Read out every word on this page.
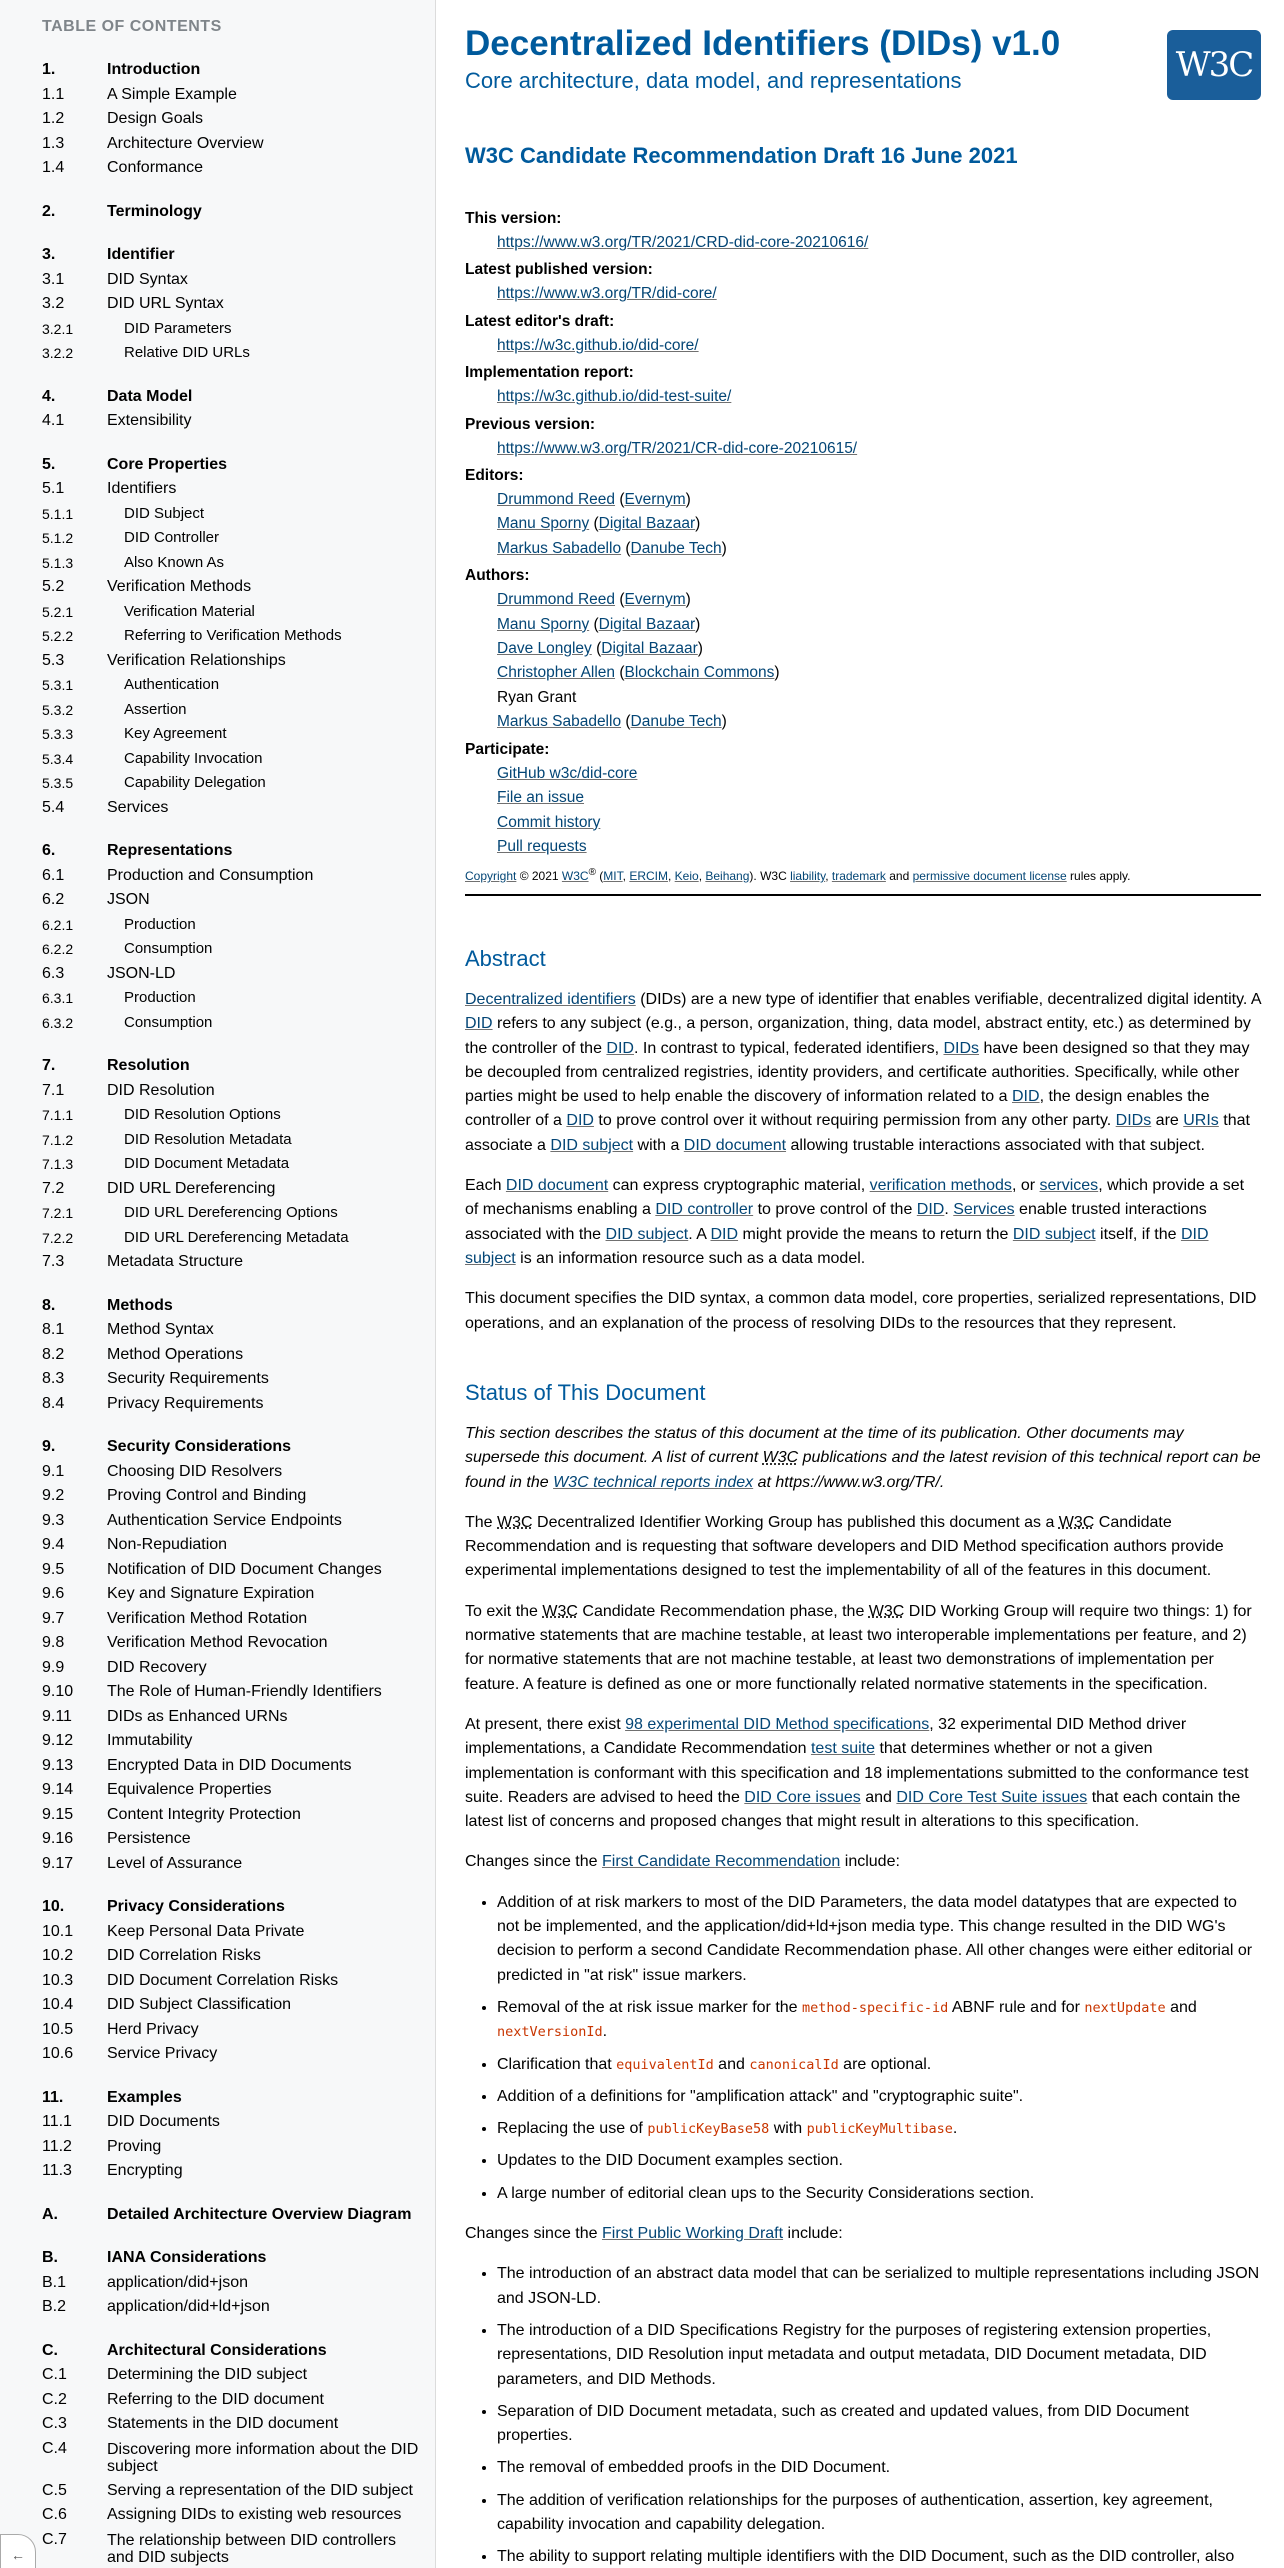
TABLE OF CONTENTS
1.	Introduction
1.1	A Simple Example
1.2	Design Goals
1.3	Architecture Overview
1.4	Conformance
2.	Terminology
3.	Identifier
3.1	DID Syntax
3.2	DID URL Syntax
3.2.1	DID Parameters
3.2.2	Relative DID URLs
4.	Data Model
4.1	Extensibility
5.	Core Properties
5.1	Identifiers
5.1.1	DID Subject
5.1.2	DID Controller
5.1.3	Also Known As
5.2	Verification Methods
5.2.1	Verification Material
5.2.2	Referring to Verification Methods
5.3	Verification Relationships
5.3.1	Authentication
5.3.2	Assertion
5.3.3	Key Agreement
5.3.4	Capability Invocation
5.3.5	Capability Delegation
5.4	Services
6.	Representations
6.1	Production and Consumption
6.2	JSON
6.2.1	Production
6.2.2	Consumption
6.3	JSON-LD
6.3.1	Production
6.3.2	Consumption
7.	Resolution
7.1	DID Resolution
7.1.1	DID Resolution Options
7.1.2	DID Resolution Metadata
7.1.3	DID Document Metadata
7.2	DID URL Dereferencing
7.2.1	DID URL Dereferencing Options
7.2.2	DID URL Dereferencing Metadata
7.3	Metadata Structure
8.	Methods
8.1	Method Syntax
8.2	Method Operations
8.3	Security Requirements
8.4	Privacy Requirements
9.	Security Considerations
9.1	Choosing DID Resolvers
9.2	Proving Control and Binding
9.3	Authentication Service Endpoints
9.4	Non-Repudiation
9.5	Notification of DID Document Changes
9.6	Key and Signature Expiration
9.7	Verification Method Rotation
9.8	Verification Method Revocation
9.9	DID Recovery
9.10	The Role of Human-Friendly Identifiers
9.11	DIDs as Enhanced URNs
9.12	Immutability
9.13	Encrypted Data in DID Documents
9.14	Equivalence Properties
9.15	Content Integrity Protection
9.16	Persistence
9.17	Level of Assurance
10.	Privacy Considerations
10.1	Keep Personal Data Private
10.2	DID Correlation Risks
10.3	DID Document Correlation Risks
10.4	DID Subject Classification
10.5	Herd Privacy
10.6	Service Privacy
11.	Examples
11.1	DID Documents
11.2	Proving
11.3	Encrypting
A.	Detailed Architecture Overview Diagram
B.	IANA Considerations
B.1	application/did+json
B.2	application/did+ld+json
C.	Architectural Considerations
C.1	Determining the DID subject
C.2	Referring to the DID document
C.3	Statements in the DID document
C.4	Discovering more information about the DID subject
C.5	Serving a representation of the DID subject
C.6	Assigning DIDs to existing web resources
C.7	The relationship between DID controllers and DID subjects
←
Decentralized Identifiers (DIDs) v1.0
Core architecture, data model, and representations	W3C
W3C Candidate Recommendation Draft 16 June 2021
This version:
https://www.w3.org/TR/2021/CRD-did-core-20210616/
Latest published version:
https://www.w3.org/TR/did-core/
Latest editor's draft:
https://w3c.github.io/did-core/
Implementation report:
https://w3c.github.io/did-test-suite/
Previous version:
https://www.w3.org/TR/2021/CR-did-core-20210615/
Editors:
Drummond Reed (Evernym)
Manu Sporny (Digital Bazaar)
Markus Sabadello (Danube Tech)
Authors:
Drummond Reed (Evernym)
Manu Sporny (Digital Bazaar)
Dave Longley (Digital Bazaar)
Christopher Allen (Blockchain Commons)
Ryan Grant
Markus Sabadello (Danube Tech)
Participate:
GitHub w3c/did-core
File an issue
Commit history
Pull requests

Copyright © 2021 W3C® (MIT, ERCIM, Keio, Beihang). W3C liability, trademark and permissive document license rules apply.

Abstract

Decentralized identifiers (DIDs) are a new type of identifier that enables verifiable, decentralized digital identity. A DID refers to any subject (e.g., a person, organization, thing, data model, abstract entity, etc.) as determined by the controller of the DID. In contrast to typical, federated identifiers, DIDs have been designed so that they may be decoupled from centralized registries, identity providers, and certificate authorities. Specifically, while other parties might be used to help enable the discovery of information related to a DID, the design enables the controller of a DID to prove control over it without requiring permission from any other party. DIDs are URIs that associate a DID subject with a DID document allowing trustable interactions associated with that subject.

Each DID document can express cryptographic material, verification methods, or services, which provide a set of mechanisms enabling a DID controller to prove control of the DID. Services enable trusted interactions associated with the DID subject. A DID might provide the means to return the DID subject itself, if the DID subject is an information resource such as a data model.

This document specifies the DID syntax, a common data model, core properties, serialized representations, DID operations, and an explanation of the process of resolving DIDs to the resources that they represent.

Status of This Document

This section describes the status of this document at the time of its publication. Other documents may supersede this document. A list of current W3C publications and the latest revision of this technical report can be found in the W3C technical reports index at https://www.w3.org/TR/.

The W3C Decentralized Identifier Working Group has published this document as a W3C Candidate Recommendation and is requesting that software developers and DID Method specification authors provide experimental implementations designed to test the implementability of all of the features in this document.

To exit the W3C Candidate Recommendation phase, the W3C DID Working Group will require two things: 1) for normative statements that are machine testable, at least two interoperable implementations per feature, and 2) for normative statements that are not machine testable, at least two demonstrations of implementation per feature. A feature is defined as one or more functionally related normative statements in the specification.

At present, there exist 98 experimental DID Method specifications, 32 experimental DID Method driver implementations, a Candidate Recommendation test suite that determines whether or not a given implementation is conformant with this specification and 18 implementations submitted to the conformance test suite. Readers are advised to heed the DID Core issues and DID Core Test Suite issues that each contain the latest list of concerns and proposed changes that might result in alterations to this specification.

Changes since the First Candidate Recommendation include:

• Addition of at risk markers to most of the DID Parameters, the data model datatypes that are expected to not be implemented, and the application/did+ld+json media type. This change resulted in the DID WG's decision to perform a second Candidate Recommendation phase. All other changes were either editorial or predicted in "at risk" issue markers.
• Removal of the at risk issue marker for the method-specific-id ABNF rule and for nextUpdate and nextVersionId.
• Clarification that equivalentId and canonicalId are optional.
• Addition of a definitions for "amplification attack" and "cryptographic suite".
• Replacing the use of publicKeyBase58 with publicKeyMultibase.
• Updates to the DID Document examples section.
• A large number of editorial clean ups to the Security Considerations section.

Changes since the First Public Working Draft include:

• The introduction of an abstract data model that can be serialized to multiple representations including JSON and JSON-LD.
• The introduction of a DID Specifications Registry for the purposes of registering extension properties, representations, DID Resolution input metadata and output metadata, DID Document metadata, DID parameters, and DID Methods.
• Separation of DID Document metadata, such as created and updated values, from DID Document properties.
• The removal of embedded proofs in the DID Document.
• The addition of verification relationships for the purposes of authentication, assertion, key agreement, capability invocation and capability delegation.
• The ability to support relating multiple identifiers with the DID Document, such as the DID controller, also
